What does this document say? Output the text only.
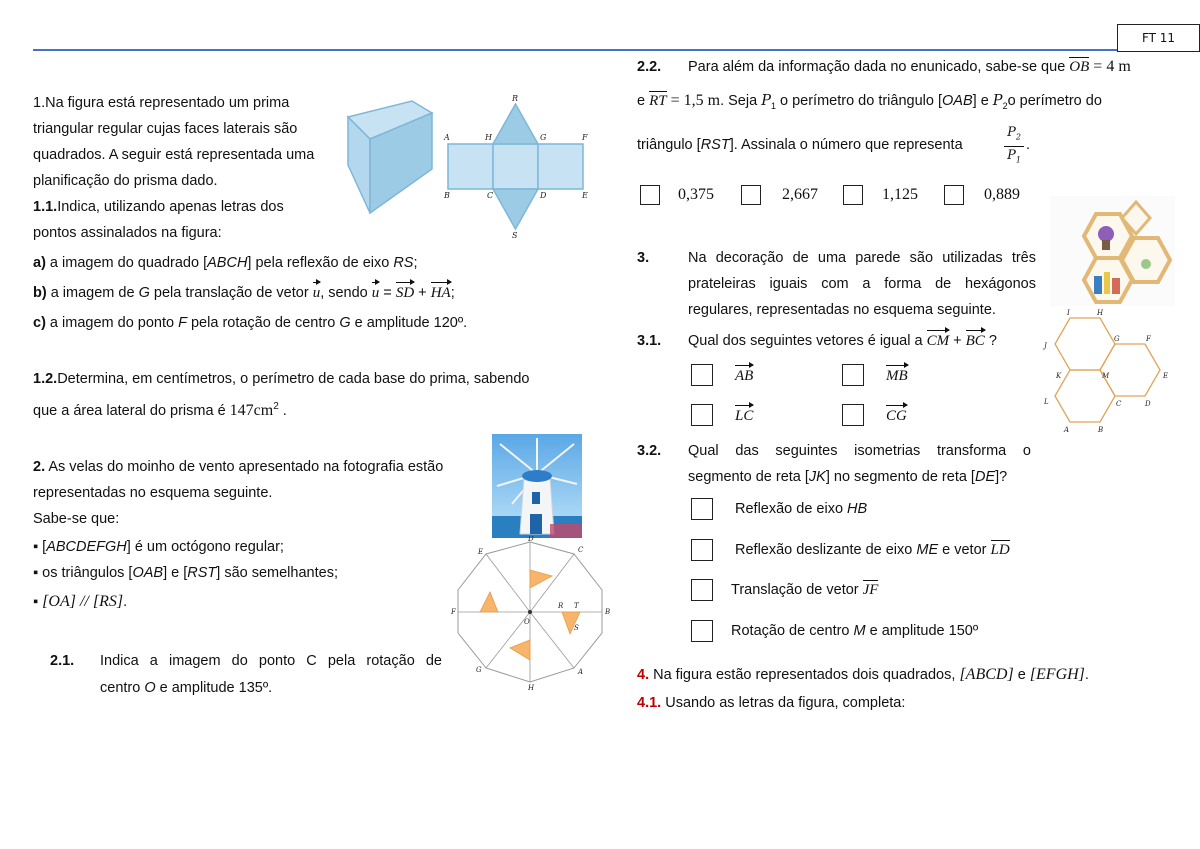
FT 11
1.Na figura está representado um prima
triangular regular cujas faces laterais são
quadrados. A seguir está representada uma
planificação do prisma dado.
1.1.Indica, utilizando apenas letras dos
pontos assinalados na figura:
a) a imagem do quadrado [ABCH] pela reflexão de eixo RS;
b) a imagem de G pela translação de vetor u, sendo u = SD + HA;
c) a imagem do ponto F pela rotação de centro G e amplitude 120º.
1.2.Determina, em centímetros, o perímetro de cada base do prima, sabendo
que a área lateral do prisma é $147cm^2$ .
R
A	H	G	F
B	C	D	E
S
2. As velas do moinho de vento apresentado na fotografia estão
representadas no esquema seguinte.
Sabe-se que:
▪ [ABCDEFGH] é um octógono regular;
▪ os triângulos [OAB] e [RST] são semelhantes;
▪ [OA] // [RS].
2.1. Indica a imagem do ponto C pela rotação de
centro O e amplitude 135º.
D
C
B
A
H
G
F
E
O
R T
S
2.2. Para além da informação dada no enunicado, sabe-se que OB = 4 m
e RT = 1,5 m. Seja $P_1$ o perímetro do triângulo [OAB] e $P_2o$ perímetro do
triângulo [RST]. Assinala o número que representa	$\frac{P_2}{P_1}$ .
0,375	2,667	1,125	0,889
3.	Na decoração de uma parede são utilizadas três
prateleiras iguais com a forma de hexágonos
regulares, representadas no esquema seguinte.
3.1. Qual dos seguintes vetores é igual a CM + BC ?
AB	MB
LC	CG
3.2. Qual das seguintes isometrias transforma o
segmento de reta [JK] no segmento de reta [DE]?
Reflexão de eixo HB
Reflexão deslizante de eixo ME e vetor LD
Translação de vetor JF
Rotação de centro M e amplitude 150º
I	H
G	F
J
K	M	E
L	C	D
A	B
4. Na figura estão representados dois quadrados, [ABCD] e [EFGH].
4.1. Usando as letras da figura, completa:
